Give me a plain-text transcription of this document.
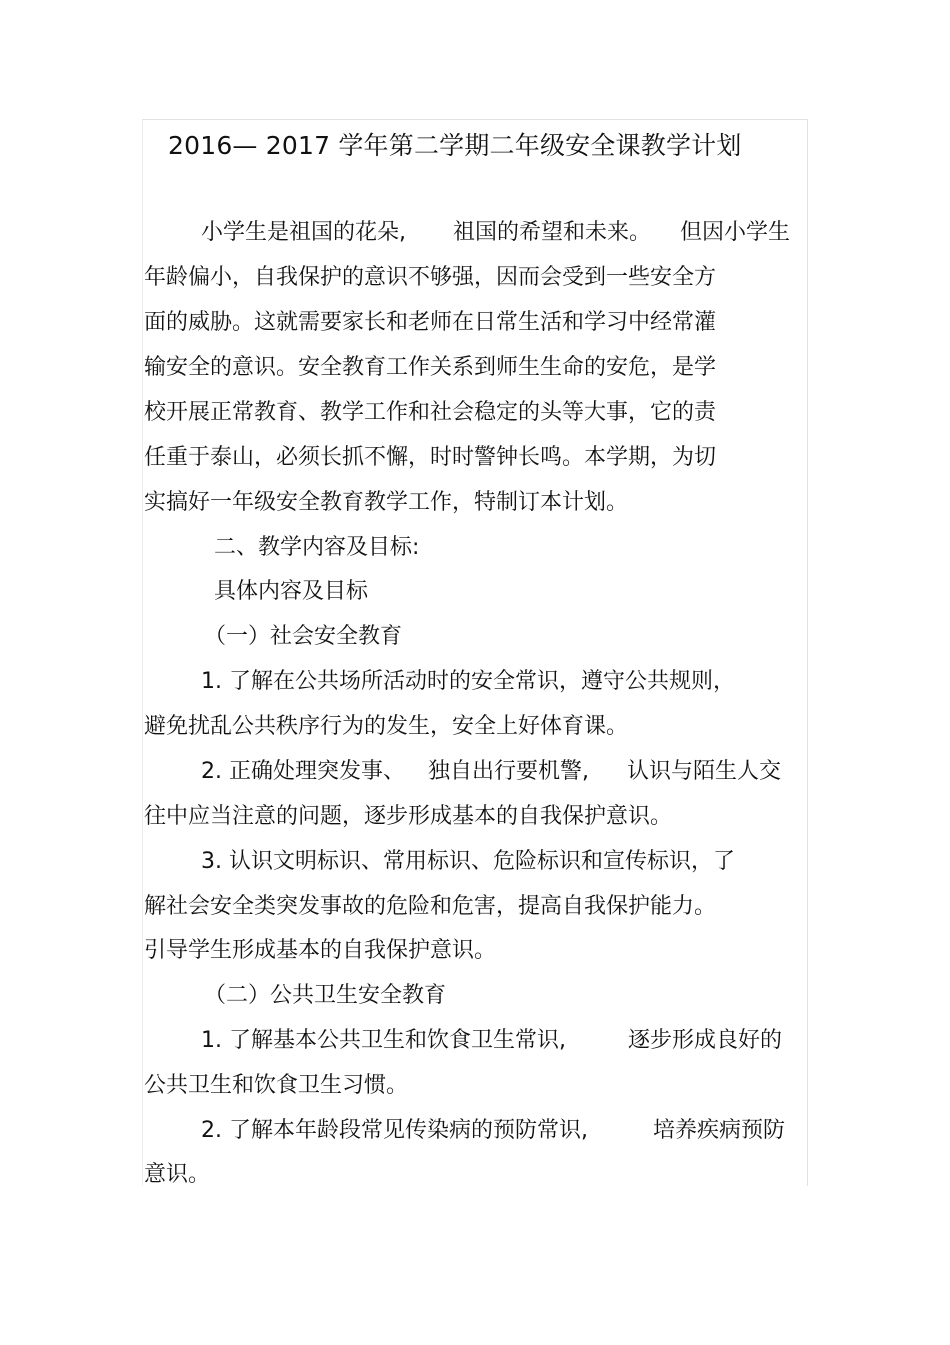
2016— 2017 学年第二学期二年级安全课教学计划
小学生是祖国的花朵, 祖国的希望和未来。 但因小学生
年龄偏小，自我保护的意识不够强，因而会受到一些安全方
面的威胁。这就需要家长和老师在日常生活和学习中经常灌
输安全的意识。安全教育工作关系到师生生命的安危，是学
校开展正常教育、教学工作和社会稳定的头等大事，它的责
任重于泰山，必须长抓不懈，时时警钟长鸣。本学期，为切
实搞好一年级安全教育教学工作，特制订本计划。
二、教学内容及目标:
具体内容及目标
（一）社会安全教育
1. 了解在公共场所活动时的安全常识，遵守公共规则，
避免扰乱公共秩序行为的发生，安全上好体育课。
2. 正确处理突发事、 独自出行要机警, 认识与陌生人交
往中应当注意的问题，逐步形成基本的自我保护意识。
3. 认识文明标识、常用标识、危险标识和宣传标识，了
解社会安全类突发事故的危险和危害，提高自我保护能力。
引导学生形成基本的自我保护意识。
（二）公共卫生安全教育
1. 了解基本公共卫生和饮食卫生常识,	逐步形成良好的
公共卫生和饮食卫生习惯。
2. 了解本年龄段常见传染病的预防常识,	培养疾病预防
意识。
